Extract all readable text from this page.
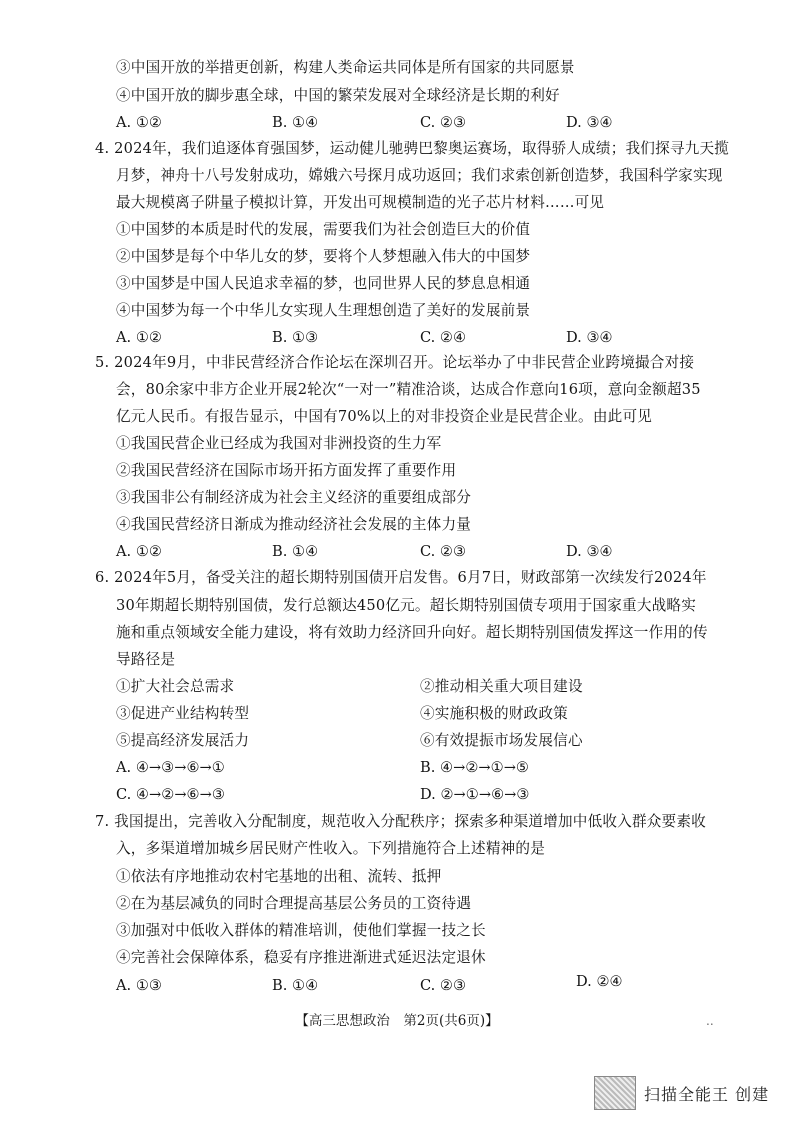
③中国开放的举措更创新，构建人类命运共同体是所有国家的共同愿景
④中国开放的脚步惠全球，中国的繁荣发展对全球经济是长期的利好
A. ①②	B. ①④	C. ②③	D. ③④
4. 2024年，我们追逐体育强国梦，运动健儿驰骋巴黎奥运赛场，取得骄人成绩；我们探寻九天揽
月梦，神舟十八号发射成功，嫦娥六号探月成功返回；我们求索创新创造梦，我国科学家实现
最大规模离子阱量子模拟计算，开发出可规模制造的光子芯片材料……可见
①中国梦的本质是时代的发展，需要我们为社会创造巨大的价值
②中国梦是每个中华儿女的梦，要将个人梦想融入伟大的中国梦
③中国梦是中国人民追求幸福的梦，也同世界人民的梦息息相通
④中国梦为每一个中华儿女实现人生理想创造了美好的发展前景
A. ①②	B. ①③	C. ②④	D. ③④
5. 2024年9月，中非民营经济合作论坛在深圳召开。论坛举办了中非民营企业跨境撮合对接
会，80余家中非方企业开展2轮次“一对一”精准洽谈，达成合作意向16项，意向金额超35
亿元人民币。有报告显示，中国有70%以上的对非投资企业是民营企业。由此可见
①我国民营企业已经成为我国对非洲投资的生力军
②我国民营经济在国际市场开拓方面发挥了重要作用
③我国非公有制经济成为社会主义经济的重要组成部分
④我国民营经济日渐成为推动经济社会发展的主体力量
A. ①②	B. ①④	C. ②③	D. ③④
6. 2024年5月，备受关注的超长期特别国债开启发售。6月7日，财政部第一次续发行2024年
30年期超长期特别国债，发行总额达450亿元。超长期特别国债专项用于国家重大战略实
施和重点领域安全能力建设，将有效助力经济回升向好。超长期特别国债发挥这一作用的传
导路径是
①扩大社会总需求	②推动相关重大项目建设
③促进产业结构转型	④实施积极的财政政策
⑤提高经济发展活力	⑥有效提振市场发展信心
A. ④→③→⑥→①	B. ④→②→①→⑤
C. ④→②→⑥→③	D. ②→①→⑥→③
7. 我国提出，完善收入分配制度，规范收入分配秩序；探索多种渠道增加中低收入群众要素收
入，多渠道增加城乡居民财产性收入。下列措施符合上述精神的是
①依法有序地推动农村宅基地的出租、流转、抵押
②在为基层减负的同时合理提高基层公务员的工资待遇
③加强对中低收入群体的精准培训，使他们掌握一技之长
④完善社会保障体系，稳妥有序推进渐进式延迟法定退休
A. ①③	B. ①④	C. ②③	D. ②④
【高三思想政治　第2页(共6页)】	..
扫描全能王 创建
